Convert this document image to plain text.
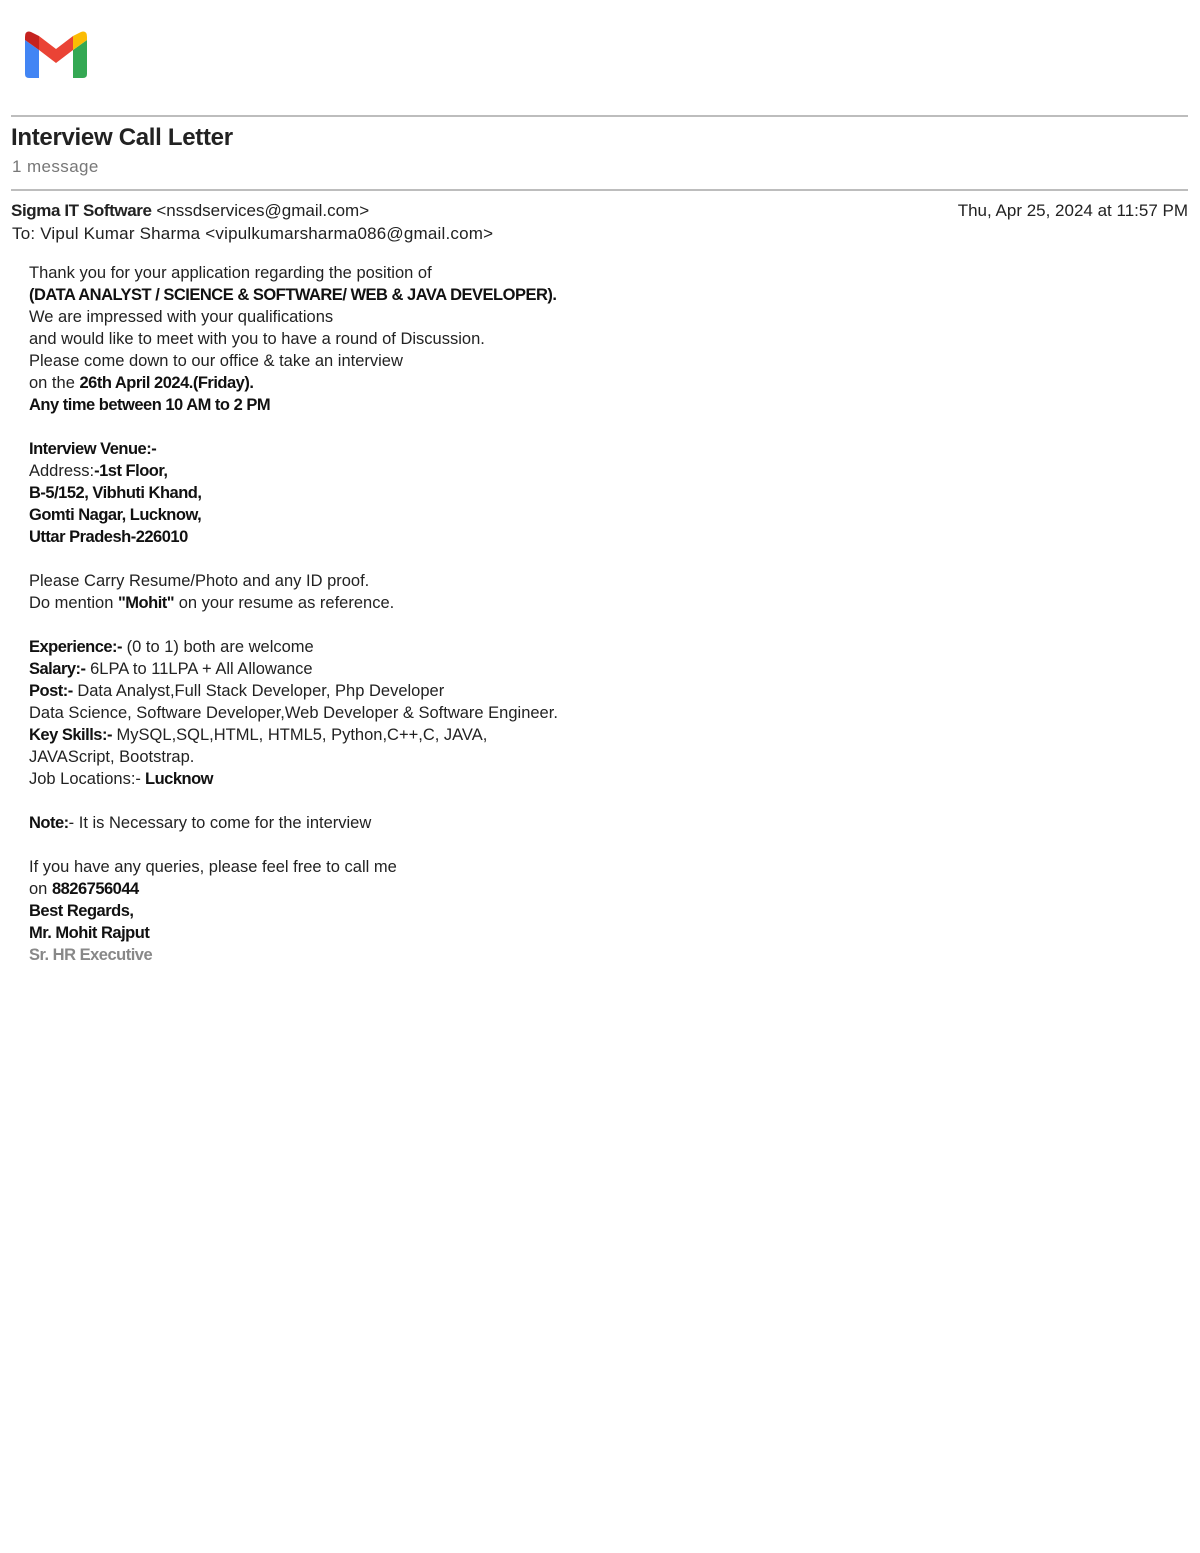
Interview Call Letter
1 message
Sigma IT Software <nssdservices@gmail.com>	Thu, Apr 25, 2024 at 11:57 PM
To: Vipul Kumar Sharma <vipulkumarsharma086@gmail.com>
Thank you for your application regarding the position of
(DATA ANALYST / SCIENCE & SOFTWARE/ WEB & JAVA DEVELOPER).
We are impressed with your qualifications
and would like to meet with you to have a round of Discussion.
Please come down to our office & take an interview
on the 26th April 2024.(Friday).
Any time between 10 AM to 2 PM
Interview Venue:-
Address:-1st Floor,
B-5/152, Vibhuti Khand,
Gomti Nagar, Lucknow,
Uttar Pradesh-226010
Please Carry Resume/Photo and any ID proof.
Do mention "Mohit" on your resume as reference.
Experience:- (0 to 1) both are welcome
Salary:- 6LPA to 11LPA + All Allowance
Post:- Data Analyst,Full Stack Developer, Php Developer
Data Science, Software Developer,Web Developer & Software Engineer.
Key Skills:- MySQL,SQL,HTML, HTML5, Python,C++,C, JAVA,
JAVAScript, Bootstrap.
Job Locations:- Lucknow
Note:- It is Necessary to come for the interview
If you have any queries, please feel free to call me
on 8826756044
Best Regards,
Mr. Mohit Rajput
Sr. HR Executive
